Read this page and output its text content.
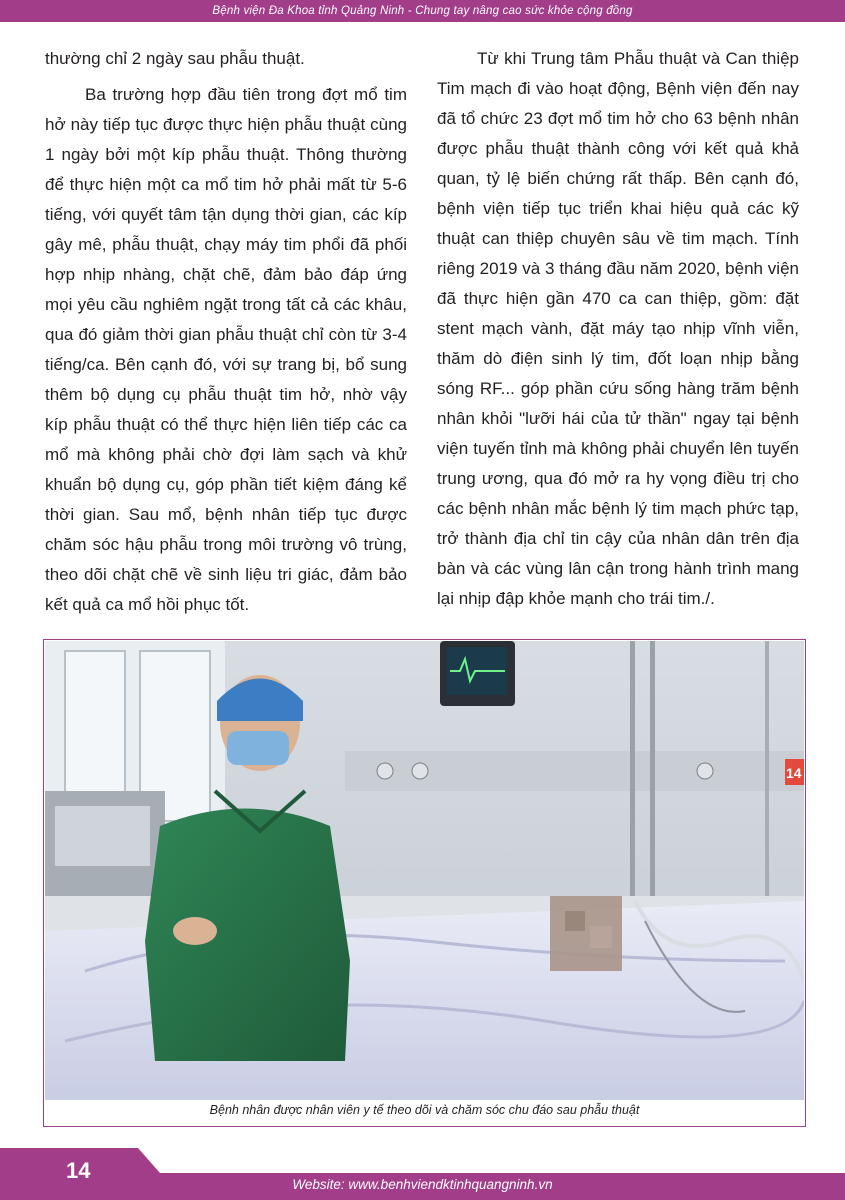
Bệnh viện Đa Khoa tỉnh Quảng Ninh - Chung tay nâng cao sức khỏe cộng đồng

thường chỉ 2 ngày sau phẫu thuật.

Ba trường hợp đầu tiên trong đợt mổ tim hở này tiếp tục được thực hiện phẫu thuật cùng 1 ngày bởi một kíp phẫu thuật. Thông thường để thực hiện một ca mổ tim hở phải mất từ 5-6 tiếng, với quyết tâm tận dụng thời gian, các kíp gây mê, phẫu thuật, chạy máy tim phổi đã phối hợp nhịp nhàng, chặt chẽ, đảm bảo đáp ứng mọi yêu cầu nghiêm ngặt trong tất cả các khâu, qua đó giảm thời gian phẫu thuật chỉ còn từ 3-4 tiếng/ca. Bên cạnh đó, với sự trang bị, bổ sung thêm bộ dụng cụ phẫu thuật tim hở, nhờ vậy kíp phẫu thuật có thể thực hiện liên tiếp các ca mổ mà không phải chờ đợi làm sạch và khử khuẩn bộ dụng cụ, góp phần tiết kiệm đáng kể thời gian. Sau mổ, bệnh nhân tiếp tục được chăm sóc hậu phẫu trong môi trường vô trùng, theo dõi chặt chẽ về sinh liệu tri giác, đảm bảo kết quả ca mổ hồi phục tốt.

Từ khi Trung tâm Phẫu thuật và Can thiệp Tim mạch đi vào hoạt động, Bệnh viện đến nay đã tổ chức 23 đợt mổ tim hở cho 63 bệnh nhân được phẫu thuật thành công với kết quả khả quan, tỷ lệ biến chứng rất thấp. Bên cạnh đó, bệnh viện tiếp tục triển khai hiệu quả các kỹ thuật can thiệp chuyên sâu về tim mạch. Tính riêng 2019 và 3 tháng đầu năm 2020, bệnh viện đã thực hiện gần 470 ca can thiệp, gồm: đặt stent mạch vành, đặt máy tạo nhịp vĩnh viễn, thăm dò điện sinh lý tim, đốt loạn nhịp bằng sóng RF... góp phần cứu sống hàng trăm bệnh nhân khỏi "lưỡi hái của tử thần" ngay tại bệnh viện tuyến tỉnh mà không phải chuyển lên tuyến trung ương, qua đó mở ra hy vọng điều trị cho các bệnh nhân mắc bệnh lý tim mạch phức tạp, trở thành địa chỉ tin cậy của nhân dân trên địa bàn và các vùng lân cận trong hành trình mang lại nhịp đập khỏe mạnh cho trái tim./.

14
Bệnh nhân được nhân viên y tế theo dõi và chăm sóc chu đáo sau phẫu thuật
14
Website: www.benhviendktinhquangninh.vn
